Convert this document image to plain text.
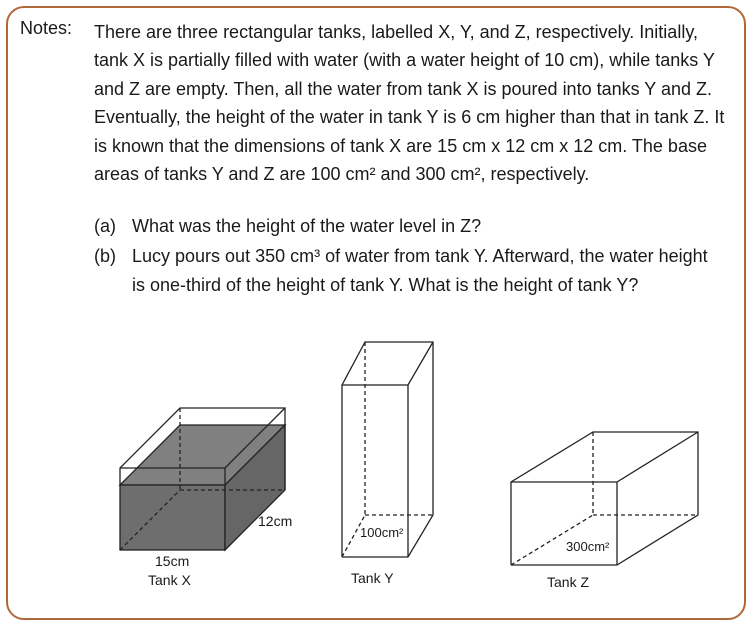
Notes: There are three rectangular tanks, labelled X, Y, and Z, respectively. Initially, tank X is partially filled with water (with a water height of 10 cm), while tanks Y and Z are empty. Then, all the water from tank X is poured into tanks Y and Z. Eventually, the height of the water in tank Y is 6 cm higher than that in tank Z. It is known that the dimensions of tank X are 15 cm x 12 cm x 12 cm. The base areas of tanks Y and Z are 100 cm² and 300 cm², respectively.

(a) What was the height of the water level in Z?
(b) Lucy pours out 350 cm³ of water from tank Y. Afterward, the water height
is one-third of the height of tank Y. What is the height of tank Y?
12cm
15cm
Tank X
100cm²
Tank Y
300cm²
Tank Z
